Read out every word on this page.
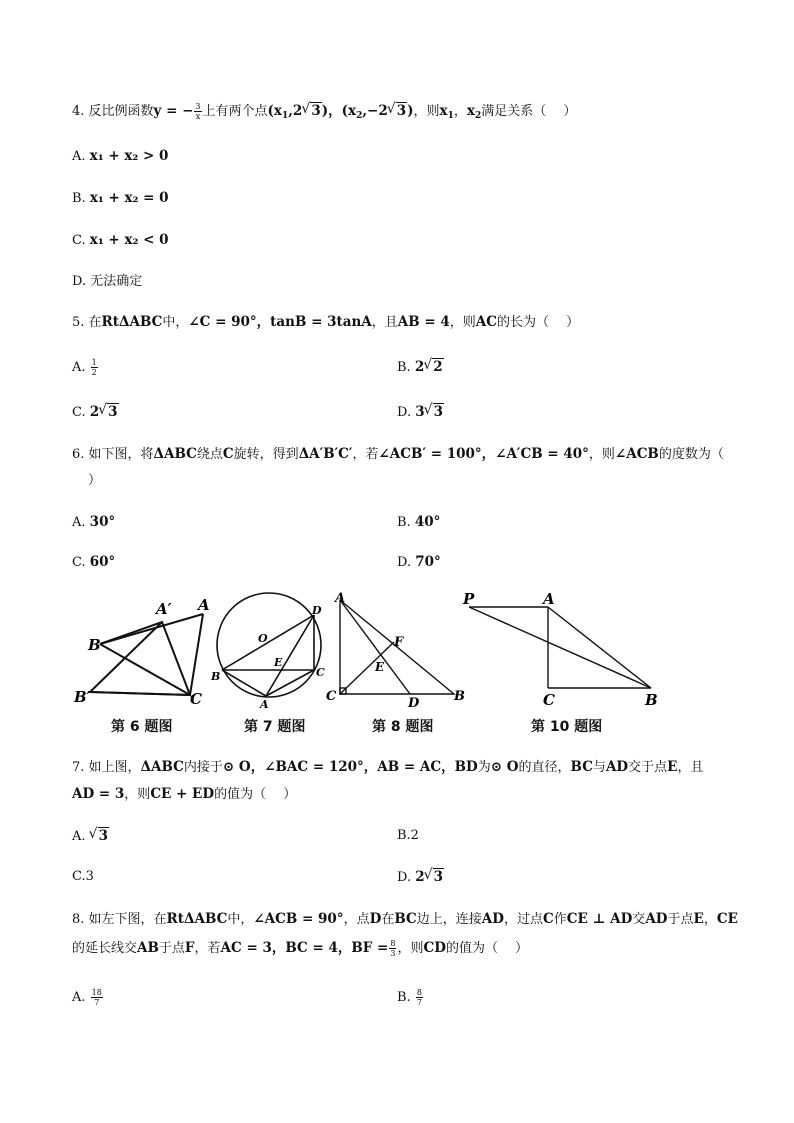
4. 反比例函数y = − $\frac{3}{x}$ 上有两个点($x_1,2√$ 3)，($x_2,-2√$ 3)，则$x_1$，$x_2$满足关系（　 ）
A. x₁ + x₂ > 0
B. x₁ + x₂ = 0
C. x₁ + x₂ < 0
D. 无法确定
5. 在RtΔABC中，∠C = 90°，tanB = 3tanA，且AB = 4，则AC的长为（　 ）
A. $\frac{1}{2}$	B. 2√ 2
C. 2√ 3	D. 3√ 3
6. 如下图，将ΔABC绕点C旋转，得到ΔA′B′C′，若∠ACB′ = 100°，∠A′CB = 40°，则∠ACB的度数为（
）
A. 30°	B. 40°
C. 60°	D. 70°
A′ A
B
B′	C
D
O
E
B	C
A
A
F
E
C	D	B
P	A
C	B
第 6 题图	第 7 题图	第 8 题图	第 10 题图
7. 如上图，ΔABC内接于⊙ O，∠BAC = 120°，AB = AC，BD为⊙ O的直径，BC与AD交于点E，且
AD = 3，则CE + ED的值为（　 ）
A. √ 3	B.2
C.3	D. 2√ 3
8. 如左下图，在RtΔABC中，∠ACB = 90°，点D在BC边上，连接AD，过点C作CE ⊥ AD交AD于点E，CE
的延长线交AB于点F，若AC = 3，BC = 4，BF = $\frac{8}{3}$ ，则CD的值为（　 ）
A. $\frac{18}{7}$	B. $\frac{8}{7}$
